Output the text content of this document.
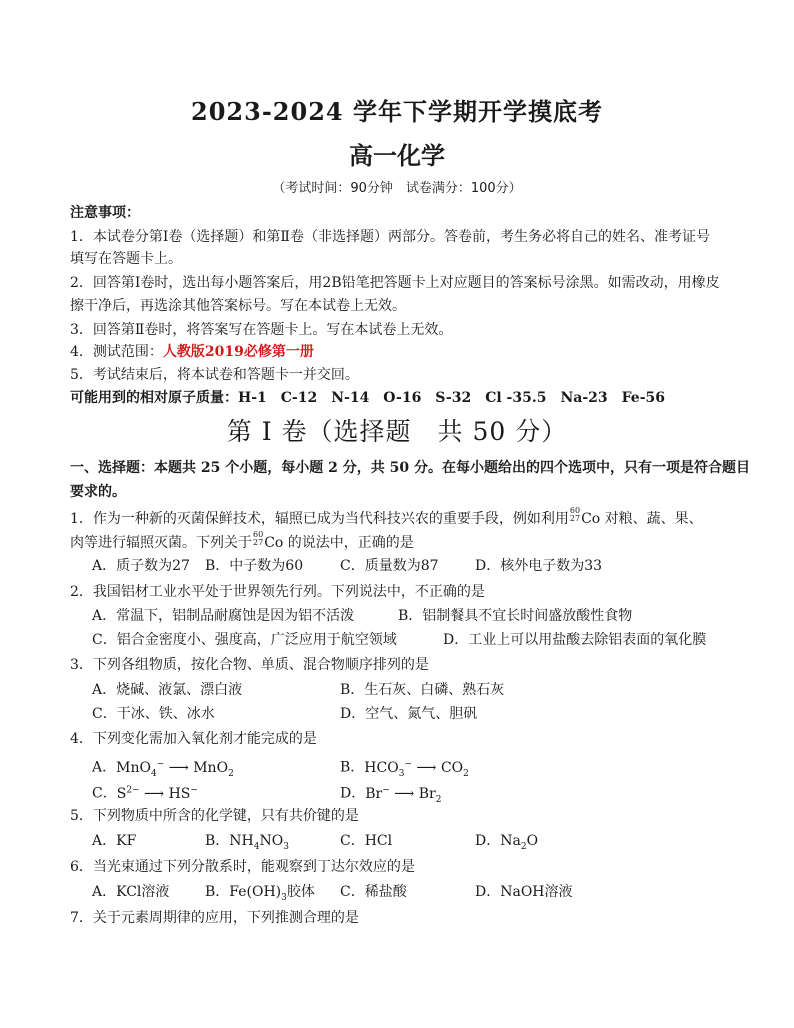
2023-2024 学年下学期开学摸底考
高一化学
（考试时间：90分钟　试卷满分：100分）
注意事项：
1．本试卷分第Ⅰ卷（选择题）和第Ⅱ卷（非选择题）两部分。答卷前，考生务必将自己的姓名、准考证号
填写在答题卡上。
2．回答第Ⅰ卷时，选出每小题答案后，用2B铅笔把答题卡上对应题目的答案标号涂黑。如需改动，用橡皮
擦干净后，再选涂其他答案标号。写在本试卷上无效。
3．回答第Ⅱ卷时，将答案写在答题卡上。写在本试卷上无效。
4．测试范围：人教版2019必修第一册
5．考试结束后，将本试卷和答题卡一并交回。
可能用到的相对原子质量：H-1　C-12　N-14　O-16　S-32　Cl -35.5　Na-23　Fe-56
第 I 卷（选择题　共 50 分）
一、选择题：本题共 25 个小题，每小题 2 分，共 50 分。在每小题给出的四个选项中，只有一项是符合题目
要求的。
1．作为一种新的灭菌保鲜技术，辐照已成为当代科技兴农的重要手段，例如利用
60
27 Co 对粮、蔬、果、
肉等进行辐照灭菌。下列关于
60
27 Co 的说法中，正确的是
A．质子数为27 B．中子数为60	C．质量数为87	D．核外电子数为33
2．我国铝材工业水平处于世界领先行列。下列说法中，不正确的是
A．常温下，铝制品耐腐蚀是因为铝不活泼	B．铝制餐具不宜长时间盛放酸性食物
C．铝合金密度小、强度高，广泛应用于航空领域	D．工业上可以用盐酸去除铝表面的氧化膜
3．下列各组物质，按化合物、单质、混合物顺序排列的是
A．烧碱、液氯、漂白液	B．生石灰、白磷、熟石灰
C．干冰、铁、冰水	D．空气、氮气、胆矾
4．下列变化需加入氧化剂才能完成的是
A．MnO$_4$− ⟶ MnO$_2$	B．$HCO_3^-$ ⟶ $CO_2$
C．$S^{2-}$ ⟶ HS−	D．Br− ⟶ $Br_2$
5．下列物质中所含的化学键，只有共价键的是
A．KF	B．$NH_4NO_3$	C．HCl	D．$Na_2O$
6．当光束通过下列分散系时，能观察到丁达尔效应的是
A．KCl溶液	B．$Fe(OH)_3$胶体 C．稀盐酸	D．NaOH溶液
7．关于元素周期律的应用，下列推测合理的是
